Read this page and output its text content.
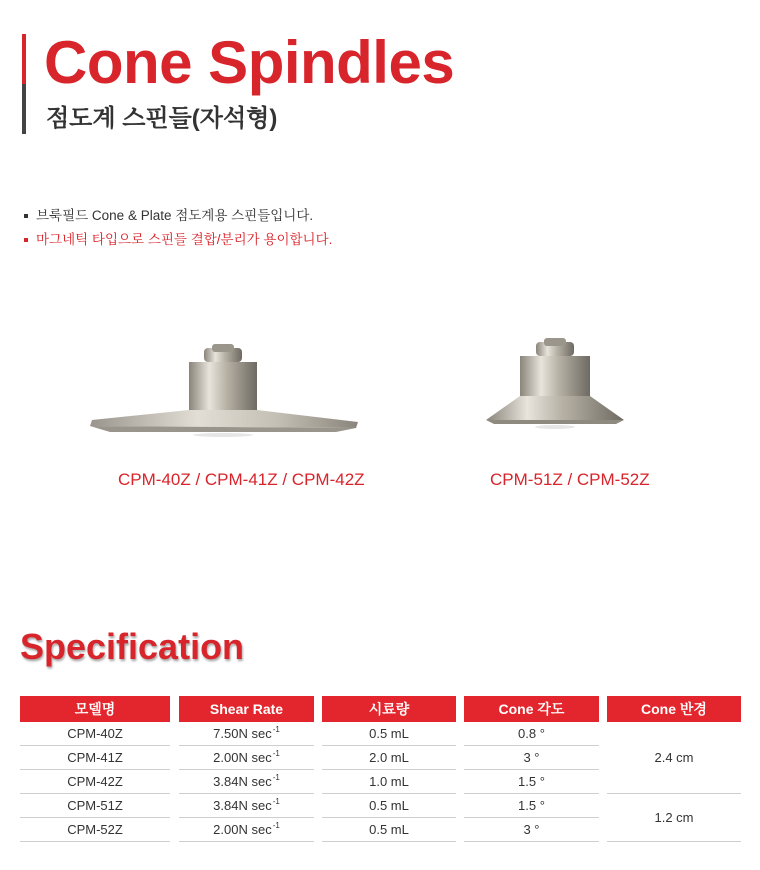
Cone Spindles
점도계 스핀들(자석형)
브룩필드 Cone & Plate 점도계용 스핀들입니다.
마그네틱 타입으로 스핀들 결합/분리가 용이합니다.
CPM-40Z / CPM-41Z / CPM-42Z	CPM-51Z / CPM-52Z
Specification
모델명
CPM-40Z
CPM-41Z
CPM-42Z
CPM-51Z
CPM-52Z
Shear Rate
7.50N $\sec^{-1}$
2.00N $\sec^{-1}$
3.84N $\sec^{-1}$
3.84N $\sec^{-1}$
2.00N $\sec^{-1}$
시료량
0.5 mL
2.0 mL
1.0 mL
0.5 mL
0.5 mL
Cone 각도
0.8 °
3 °
1.5 °
1.5 °
3 °
Cone 반경
2.4 cm
1.2 cm
